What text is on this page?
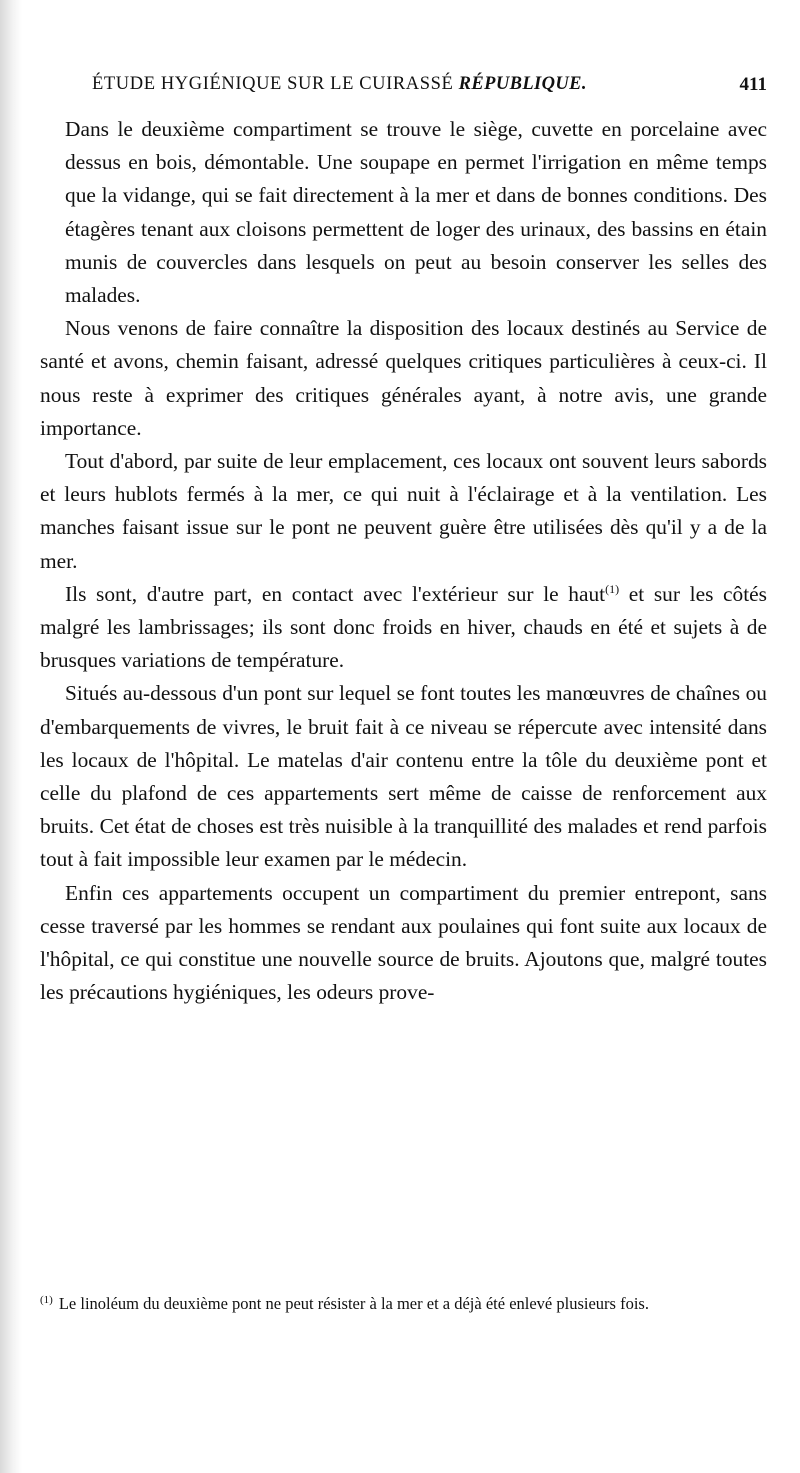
ÉTUDE HYGIÉNIQUE SUR LE CUIRASSÉ RÉPUBLIQUE.	411

Dans le deuxième compartiment se trouve le siège, cuvette en porcelaine avec dessus en bois, démontable. Une soupape en permet l'irrigation en même temps que la vidange, qui se fait directement à la mer et dans de bonnes conditions. Des étagères tenant aux cloisons permettent de loger des urinaux, des bassins en étain munis de couvercles dans lesquels on peut au besoin conserver les selles des malades.

Nous venons de faire connaître la disposition des locaux destinés au Service de santé et avons, chemin faisant, adressé quelques critiques particulières à ceux-ci. Il nous reste à exprimer des critiques générales ayant, à notre avis, une grande importance.

Tout d'abord, par suite de leur emplacement, ces locaux ont souvent leurs sabords et leurs hublots fermés à la mer, ce qui nuit à l'éclairage et à la ventilation. Les manches faisant issue sur le pont ne peuvent guère être utilisées dès qu'il y a de la mer.

Ils sont, d'autre part, en contact avec l'extérieur sur le haut$^{(1)}$ et sur les côtés malgré les lambrissages; ils sont donc froids en hiver, chauds en été et sujets à de brusques variations de température.

Situés au-dessous d'un pont sur lequel se font toutes les manœuvres de chaînes ou d'embarquements de vivres, le bruit fait à ce niveau se répercute avec intensité dans les locaux de l'hôpital. Le matelas d'air contenu entre la tôle du deuxième pont et celle du plafond de ces appartements sert même de caisse de renforcement aux bruits. Cet état de choses est très nuisible à la tranquillité des malades et rend parfois tout à fait impossible leur examen par le médecin.

Enfin ces appartements occupent un compartiment du premier entrepont, sans cesse traversé par les hommes se rendant aux poulaines qui font suite aux locaux de l'hôpital, ce qui constitue une nouvelle source de bruits. Ajoutons que, malgré toutes les précautions hygiéniques, les odeurs prove-

$^{(1)}$ Le linoléum du deuxième pont ne peut résister à la mer et a déjà été enlevé plusieurs fois.
